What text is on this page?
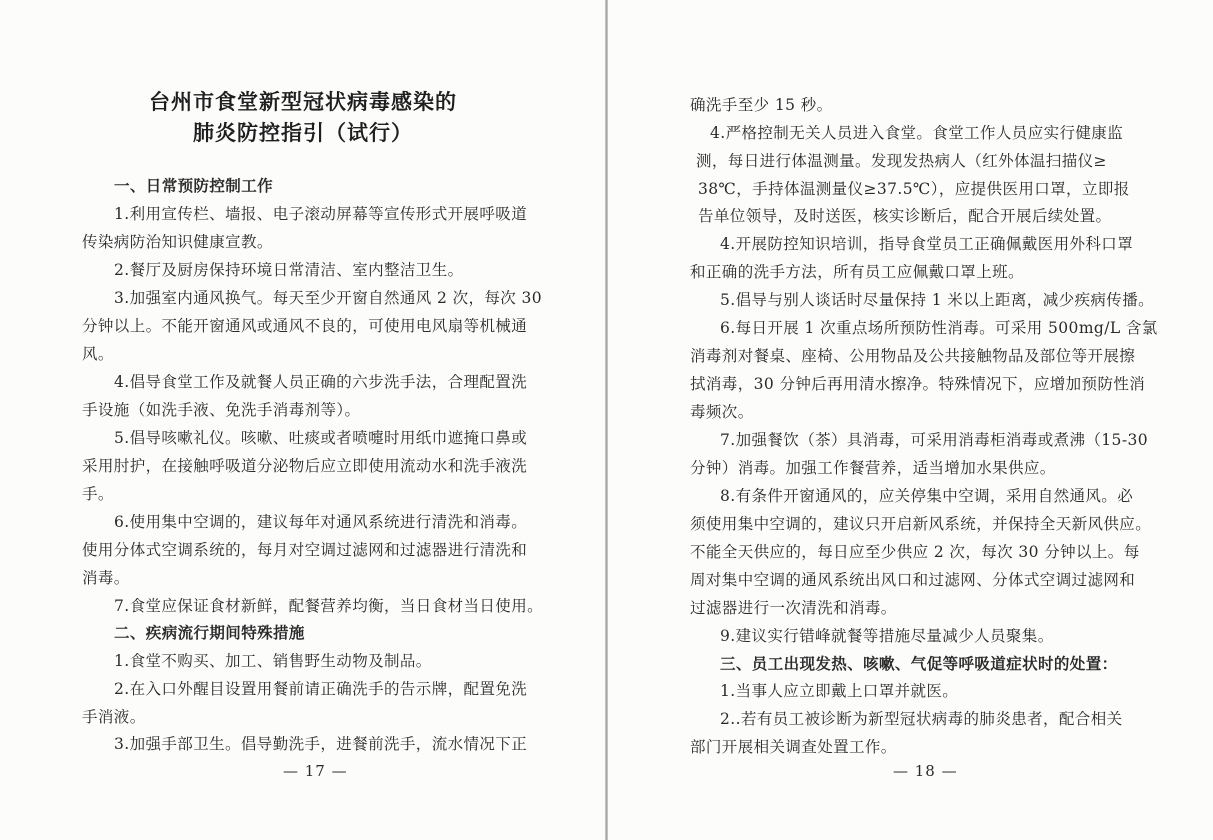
台州市食堂新型冠状病毒感染的
肺炎防控指引（试行）

一、日常预防控制工作

1.利用宣传栏、墙报、电子滚动屏幕等宣传形式开展呼吸道

传染病防治知识健康宣教。

2.餐厅及厨房保持环境日常清洁、室内整洁卫生。

3.加强室内通风换气。每天至少开窗自然通风 2 次，每次 30

分钟以上。不能开窗通风或通风不良的，可使用电风扇等机械通

风。

4.倡导食堂工作及就餐人员正确的六步洗手法，合理配置洗

手设施（如洗手液、免洗手消毒剂等）。

5.倡导咳嗽礼仪。咳嗽、吐痰或者喷嚏时用纸巾遮掩口鼻或

采用肘护，在接触呼吸道分泌物后应立即使用流动水和洗手液洗

手。

6.使用集中空调的，建议每年对通风系统进行清洗和消毒。

使用分体式空调系统的，每月对空调过滤网和过滤器进行清洗和

消毒。

7.食堂应保证食材新鲜，配餐营养均衡，当日食材当日使用。

二、疾病流行期间特殊措施

1.食堂不购买、加工、销售野生动物及制品。

2.在入口外醒目设置用餐前请正确洗手的告示牌，配置免洗

手消液。

3.加强手部卫生。倡导勤洗手，进餐前洗手，流水情况下正

— 17 —

确洗手至少 15 秒。

4.严格控制无关人员进入食堂。食堂工作人员应实行健康监

测，每日进行体温测量。发现发热病人（红外体温扫描仪≥

38℃，手持体温测量仪≥37.5℃），应提供医用口罩，立即报

告单位领导，及时送医，核实诊断后，配合开展后续处置。

4.开展防控知识培训，指导食堂员工正确佩戴医用外科口罩

和正确的洗手方法，所有员工应佩戴口罩上班。

5.倡导与别人谈话时尽量保持 1 米以上距离，减少疾病传播。

6.每日开展 1 次重点场所预防性消毒。可采用 500mg/L 含氯

消毒剂对餐桌、座椅、公用物品及公共接触物品及部位等开展擦

拭消毒，30 分钟后再用清水擦净。特殊情况下，应增加预防性消

毒频次。

7.加强餐饮（茶）具消毒，可采用消毒柜消毒或煮沸（15-30

分钟）消毒。加强工作餐营养，适当增加水果供应。

8.有条件开窗通风的，应关停集中空调，采用自然通风。必

须使用集中空调的，建议只开启新风系统，并保持全天新风供应。

不能全天供应的，每日应至少供应 2 次，每次 30 分钟以上。每

周对集中空调的通风系统出风口和过滤网、分体式空调过滤网和

过滤器进行一次清洗和消毒。

9.建议实行错峰就餐等措施尽量减少人员聚集。

三、员工出现发热、咳嗽、气促等呼吸道症状时的处置：

1.当事人应立即戴上口罩并就医。

2..若有员工被诊断为新型冠状病毒的肺炎患者，配合相关

部门开展相关调查处置工作。

— 18 —
